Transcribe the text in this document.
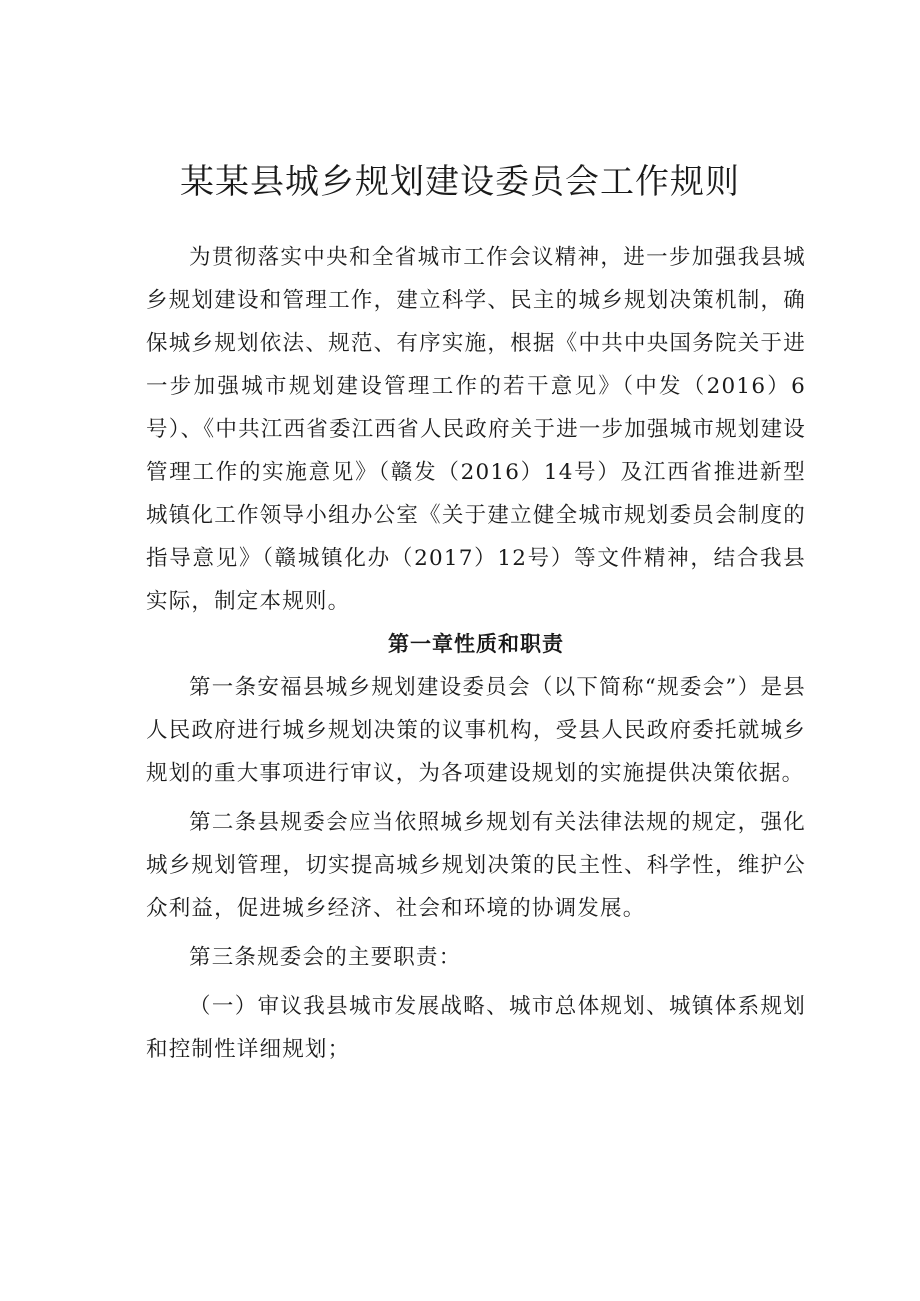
某某县城乡规划建设委员会工作规则

为贯彻落实中央和全省城市工作会议精神，进一步加强我县城乡规划建设和管理工作，建立科学、民主的城乡规划决策机制，确保城乡规划依法、规范、有序实施，根据《中共中央国务院关于进一步加强城市规划建设管理工作的若干意见》（中发（2016）6号）、《中共江西省委江西省人民政府关于进一步加强城市规划建设管理工作的实施意见》（赣发（2016）14号）及江西省推进新型城镇化工作领导小组办公室《关于建立健全城市规划委员会制度的指导意见》（赣城镇化办（2017）12号）等文件精神，结合我县实际，制定本规则。

第一章性质和职责

第一条安福县城乡规划建设委员会（以下简称“规委会”）是县人民政府进行城乡规划决策的议事机构，受县人民政府委托就城乡规划的重大事项进行审议，为各项建设规划的实施提供决策依据。

第二条县规委会应当依照城乡规划有关法律法规的规定，强化城乡规划管理，切实提高城乡规划决策的民主性、科学性，维护公众利益，促进城乡经济、社会和环境的协调发展。

第三条规委会的主要职责：

（一）审议我县城市发展战略、城市总体规划、城镇体系规划和控制性详细规划；
